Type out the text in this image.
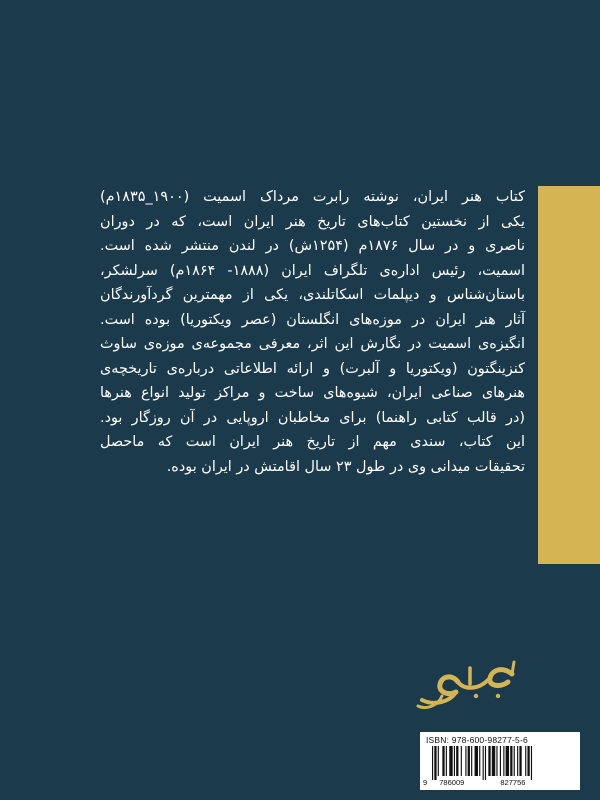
کتاب هنر ایران، نوشته رابرت مرداک اسمیت (۱۹۰۰_۱۸۳۵م)
یکی از نخستین کتاب‌های تاریخ هنر ایران است، که در دوران
ناصری و در سال ۱۸۷۶م (۱۲۵۴ش) در لندن منتشر شده است.
اسمیت، رئیس اداره‌ی تلگراف ایران (۱۸۸۸- ۱۸۶۴م) سرلشکر،
باستان‌شناس و دیپلمات اسکاتلندی، یکی از مهمترین گردآورندگان
آثار هنر ایران در موزه‌های انگلستان (عصر ویکتوریا) بوده است.
انگیزه‌ی اسمیت در نگارش این اثر، معرفی مجموعه‌ی موزه‌ی ساوث
کنزینگتون (ویکتوریا و آلبرت) و ارائه اطلاعاتی درباره‌ی تاریخچه‌ی
هنرهای صناعی ایران، شیوه‌های ساخت و مراکز تولید انواع هنرها
(در قالب کتابی راهنما) برای مخاطبان اروپایی در آن روزگار بود.
این کتاب، سندی مهم از تاریخ هنر ایران است که ماحصل
تحقیقات میدانی وی در طول ۲۳ سال اقامتش در ایران بوده.
ISBN: 978-600-98277-5-6
9 786009	827756
